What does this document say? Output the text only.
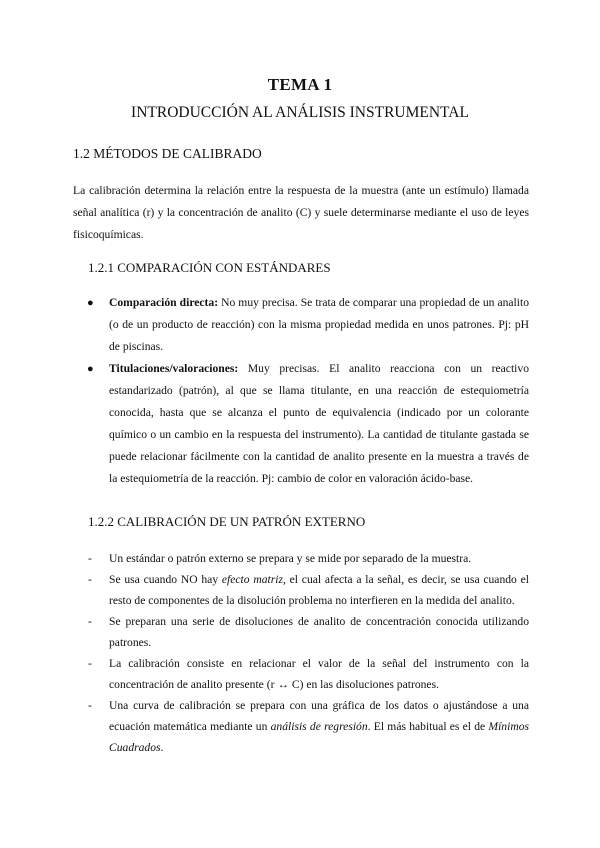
TEMA 1
INTRODUCCIÓN AL ANÁLISIS INSTRUMENTAL
1.2 MÉTODOS DE CALIBRADO

La calibración determina la relación entre la respuesta de la muestra (ante un estímulo) llamada señal analítica (r) y la concentración de analito (C) y suele determinarse mediante el uso de leyes fisicoquímicas.

1.2.1 COMPARACIÓN CON ESTÁNDARES
● Comparación directa: No muy precisa. Se trata de comparar una propiedad de un analito (o de un producto de reacción) con la misma propiedad medida en unos patrones. Pj: pH de piscinas.
● Titulaciones/valoraciones: Muy precisas. El analito reacciona con un reactivo estandarizado (patrón), al que se llama titulante, en una reacción de estequiometría conocida, hasta que se alcanza el punto de equivalencia (indicado por un colorante químico o un cambio en la respuesta del instrumento). La cantidad de titulante gastada se puede relacionar fácilmente con la cantidad de analito presente en la muestra a través de la estequiometría de la reacción. Pj: cambio de color en valoración ácido-base.
1.2.2 CALIBRACIÓN DE UN PATRÓN EXTERNO
- Un estándar o patrón externo se prepara y se mide por separado de la muestra.
- Se usa cuando NO hay efecto matriz, el cual afecta a la señal, es decir, se usa cuando el resto de componentes de la disolución problema no interfieren en la medida del analito.
- Se preparan una serie de disoluciones de analito de concentración conocida utilizando patrones.
- La calibración consiste en relacionar el valor de la señal del instrumento con la concentración de analito presente (r ↔ C) en las disoluciones patrones.
- Una curva de calibración se prepara con una gráfica de los datos o ajustándose a una ecuación matemática mediante un análisis de regresión. El más habitual es el de Mínimos Cuadrados.
